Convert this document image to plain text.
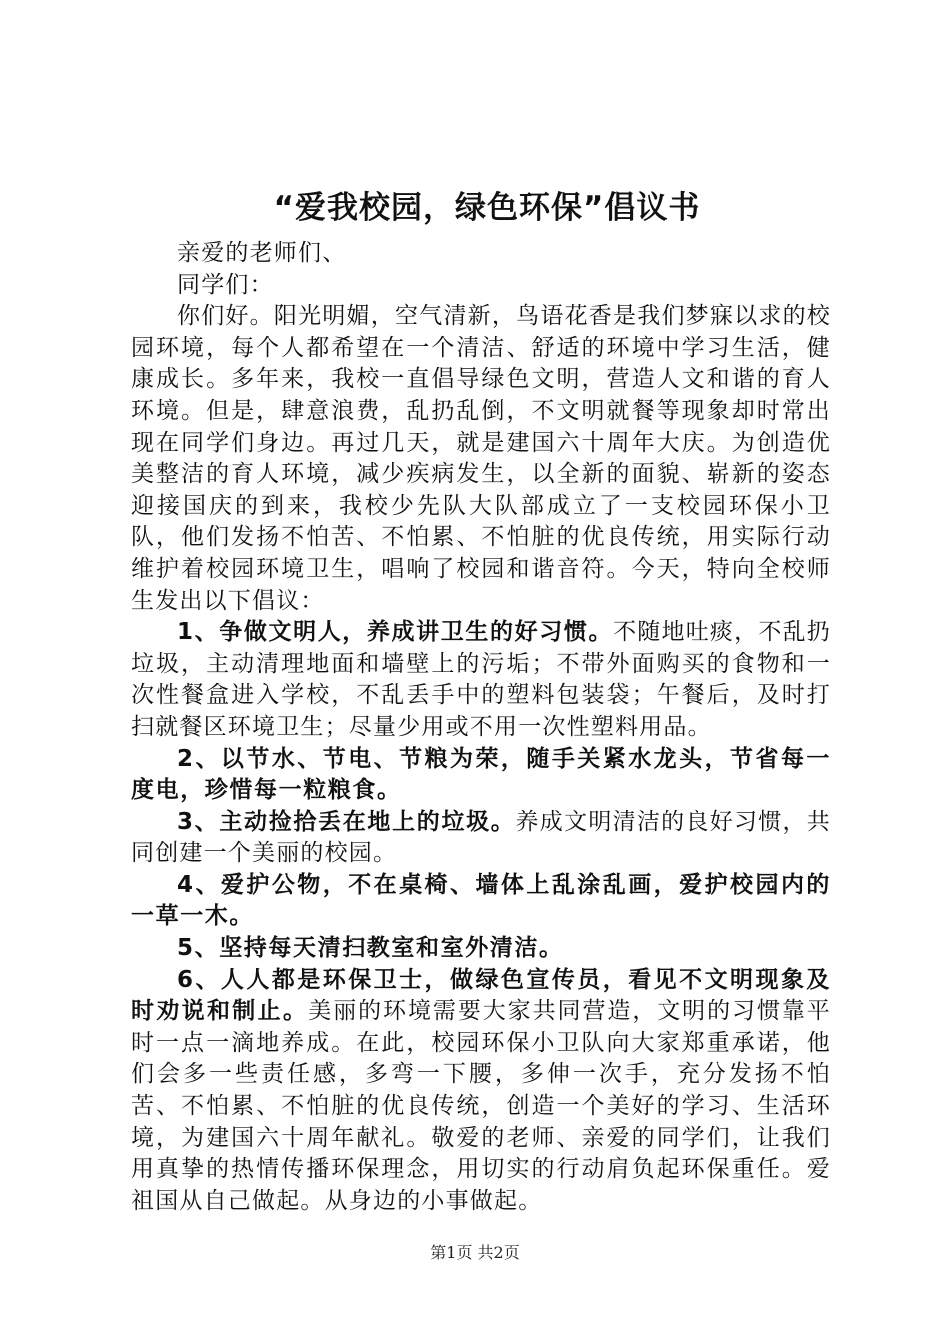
“爱我校园，绿色环保”倡议书

亲爱的老师们、

同学们：

你们好。阳光明媚，空气清新，鸟语花香是我们梦寐以求的校园环境，每个人都希望在一个清洁、舒适的环境中学习生活，健康成长。多年来，我校一直倡导绿色文明，营造人文和谐的育人环境。但是，肆意浪费，乱扔乱倒，不文明就餐等现象却时常出现在同学们身边。再过几天，就是建国六十周年大庆。为创造优美整洁的育人环境，减少疾病发生，以全新的面貌、崭新的姿态迎接国庆的到来，我校少先队大队部成立了一支校园环保小卫队，他们发扬不怕苦、不怕累、不怕脏的优良传统，用实际行动维护着校园环境卫生，唱响了校园和谐音符。今天，特向全校师生发出以下倡议：

1、争做文明人，养成讲卫生的好习惯。不随地吐痰，不乱扔垃圾，主动清理地面和墙壁上的污垢；不带外面购买的食物和一次性餐盒进入学校，不乱丢手中的塑料包装袋；午餐后，及时打扫就餐区环境卫生；尽量少用或不用一次性塑料用品。

2、以节水、节电、节粮为荣，随手关紧水龙头，节省每一度电，珍惜每一粒粮食。

3、主动捡拾丢在地上的垃圾。养成文明清洁的良好习惯，共同创建一个美丽的校园。

4、爱护公物，不在桌椅、墙体上乱涂乱画，爱护校园内的一草一木。

5、坚持每天清扫教室和室外清洁。

6、人人都是环保卫士，做绿色宣传员，看见不文明现象及时劝说和制止。美丽的环境需要大家共同营造，文明的习惯靠平时一点一滴地养成。在此，校园环保小卫队向大家郑重承诺，他们会多一些责任感，多弯一下腰，多伸一次手，充分发扬不怕苦、不怕累、不怕脏的优良传统，创造一个美好的学习、生活环境，为建国六十周年献礼。敬爱的老师、亲爱的同学们，让我们用真挚的热情传播环保理念，用切实的行动肩负起环保重任。爱祖国从自己做起。从身边的小事做起。

第1页 共2页
